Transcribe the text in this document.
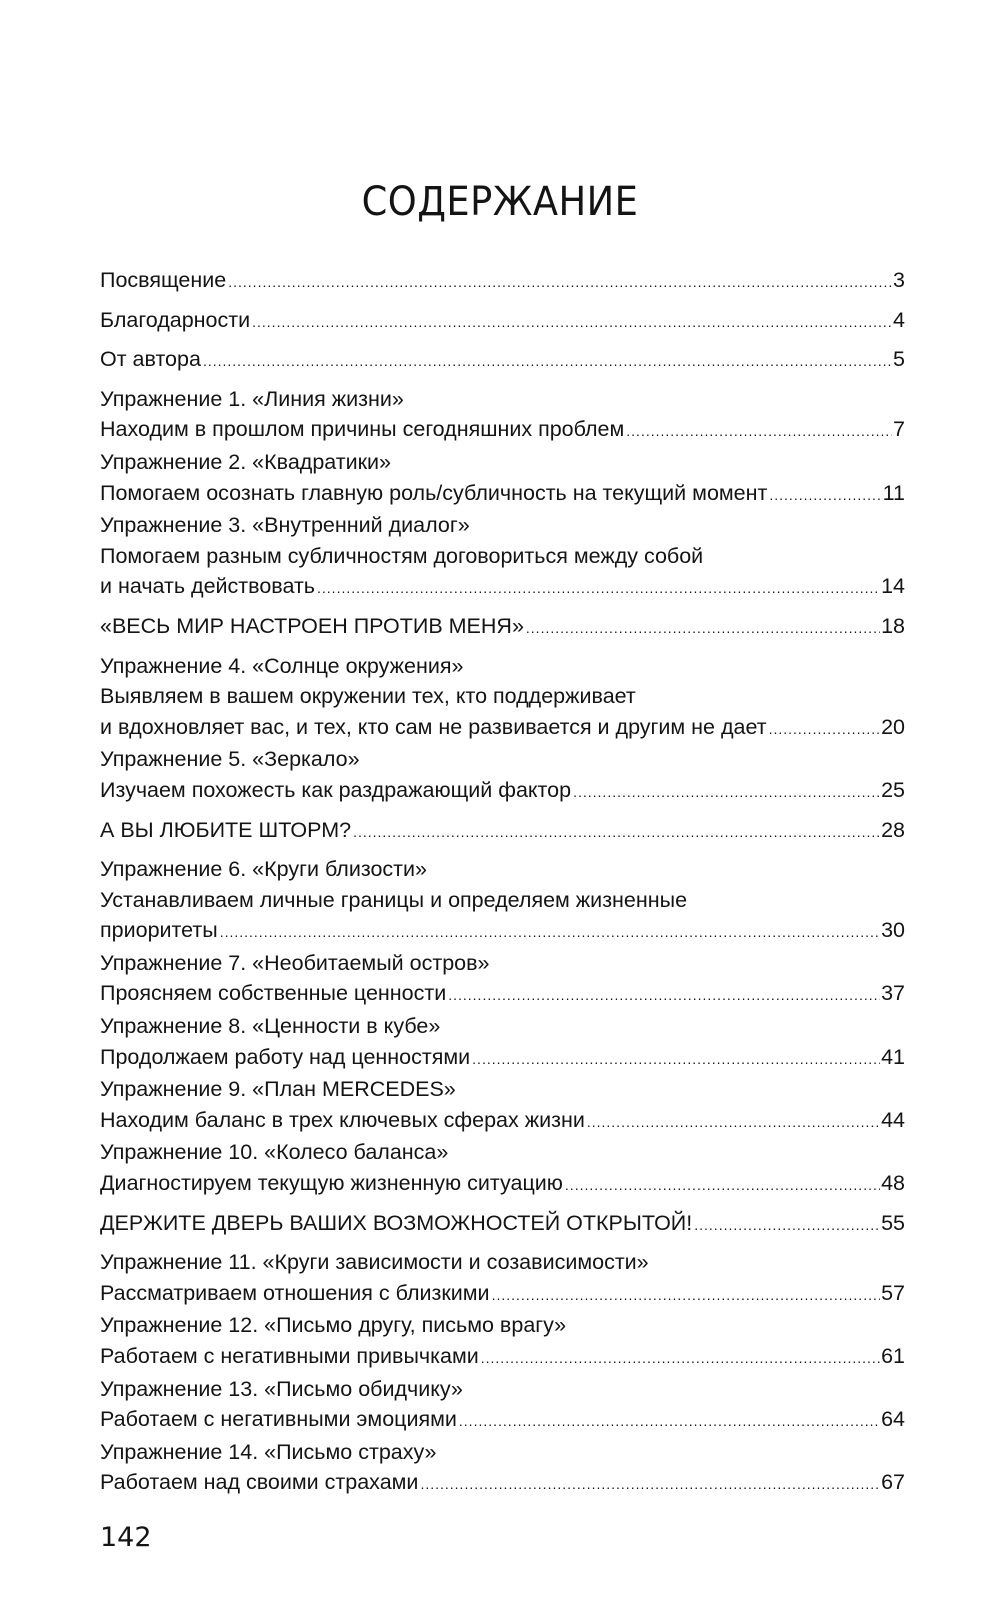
СОДЕРЖАНИЕ
Посвящение .....	3
Благодарности .....	4
От автора .....	5
Упражнение 1. «Линия жизни»
Находим в прошлом причины сегодняшних проблем .....	7
Упражнение 2. «Квадратики»
Помогаем осознать главную роль/субличность на текущий момент .....	11
Упражнение 3. «Внутренний диалог»
Помогаем разным субличностям договориться между собой
и начать действовать .....	14
«ВЕСЬ МИР НАСТРОЕН ПРОТИВ МЕНЯ» .....	18
Упражнение 4. «Солнце окружения»
Выявляем в вашем окружении тех, кто поддерживает
и вдохновляет вас, и тех, кто сам не развивается и другим не дает .....	20
Упражнение 5. «Зеркало»
Изучаем похожесть как раздражающий фактор .....	25
А ВЫ ЛЮБИТЕ ШТОРМ? .....	28
Упражнение 6. «Круги близости»
Устанавливаем личные границы и определяем жизненные
приоритеты .....	30
Упражнение 7. «Необитаемый остров»
Проясняем собственные ценности .....	37
Упражнение 8. «Ценности в кубе»
Продолжаем работу над ценностями .....	41
Упражнение 9. «План MERCEDES»
Находим баланс в трех ключевых сферах жизни .....	44
Упражнение 10. «Колесо баланса»
Диагностируем текущую жизненную ситуацию .....	48
ДЕРЖИТЕ ДВЕРЬ ВАШИХ ВОЗМОЖНОСТЕЙ ОТКРЫТОЙ! .....	55
Упражнение 11. «Круги зависимости и созависимости»
Рассматриваем отношения с близкими .....	57
Упражнение 12. «Письмо другу, письмо врагу»
Работаем с негативными привычками .....	61
Упражнение 13. «Письмо обидчику»
Работаем с негативными эмоциями .....	64
Упражнение 14. «Письмо страху»
Работаем над своими страхами .....	67
142
